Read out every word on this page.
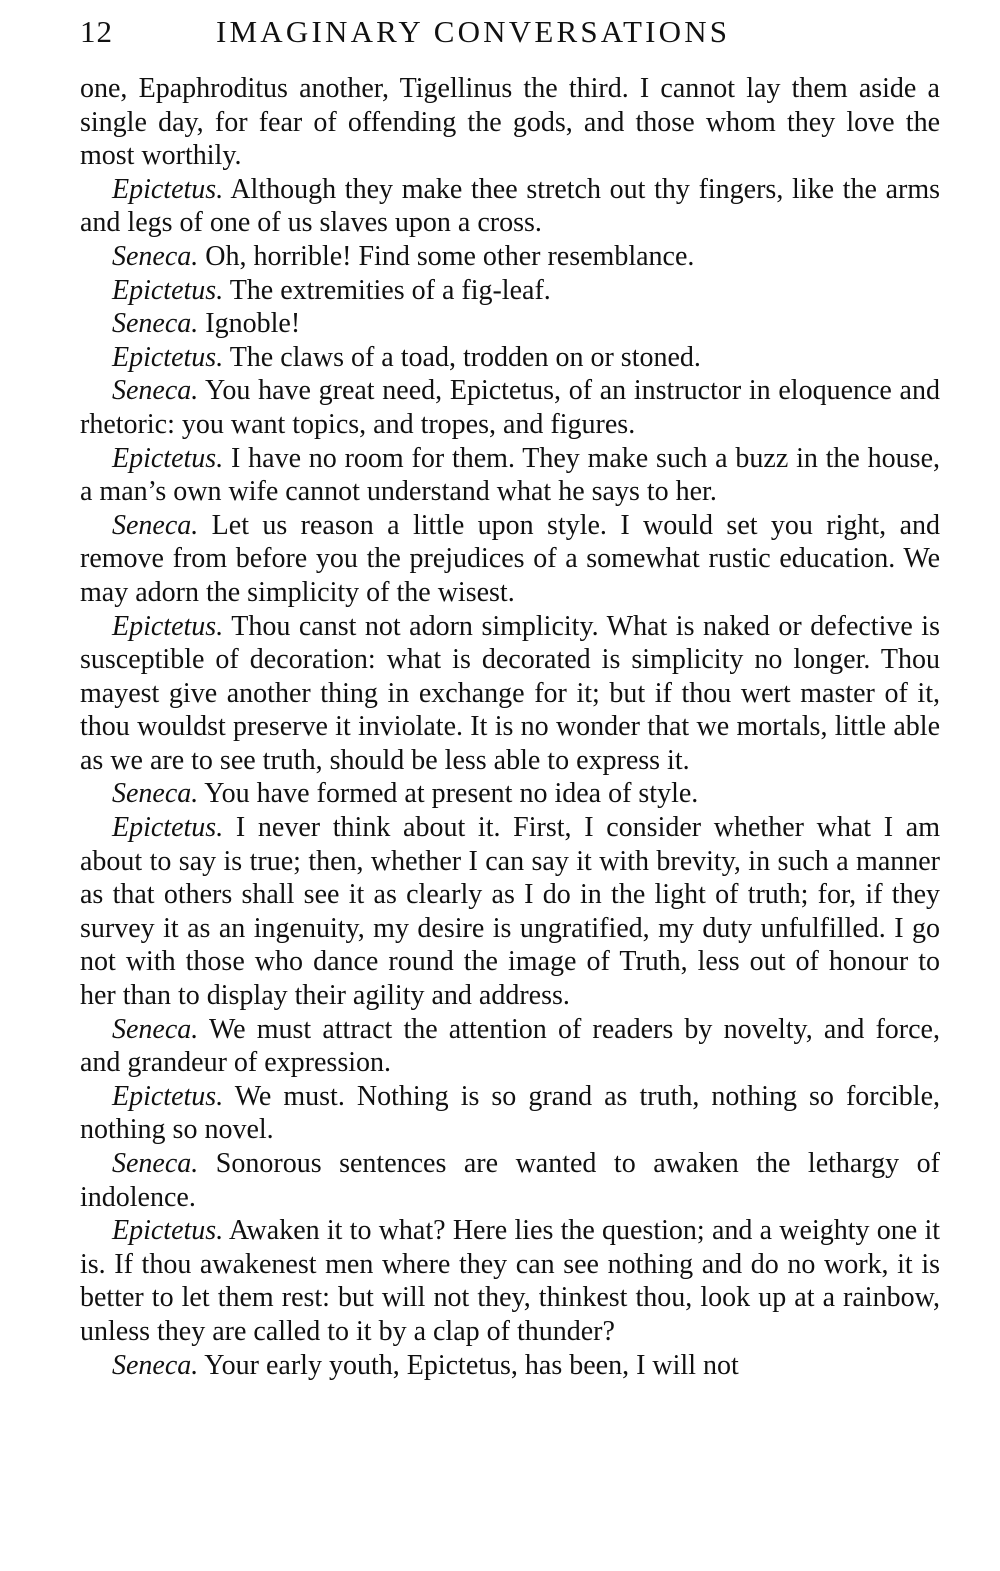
12	IMAGINARY CONVERSATIONS

one, Epaphroditus another, Tigellinus the third. I cannot lay them aside a single day, for fear of offending the gods, and those whom they love the most worthily.

Epictetus. Although they make thee stretch out thy fingers, like the arms and legs of one of us slaves upon a cross.

Seneca. Oh, horrible! Find some other resemblance.

Epictetus. The extremities of a fig-leaf.

Seneca. Ignoble!

Epictetus. The claws of a toad, trodden on or stoned.

Seneca. You have great need, Epictetus, of an instructor in eloquence and rhetoric: you want topics, and tropes, and figures.

Epictetus. I have no room for them. They make such a buzz in the house, a man’s own wife cannot understand what he says to her.

Seneca. Let us reason a little upon style. I would set you right, and remove from before you the prejudices of a somewhat rustic education. We may adorn the simplicity of the wisest.

Epictetus. Thou canst not adorn simplicity. What is naked or defective is susceptible of decoration: what is decorated is simplicity no longer. Thou mayest give another thing in exchange for it; but if thou wert master of it, thou wouldst preserve it inviolate. It is no wonder that we mortals, little able as we are to see truth, should be less able to express it.

Seneca. You have formed at present no idea of style.

Epictetus. I never think about it. First, I consider whether what I am about to say is true; then, whether I can say it with brevity, in such a manner as that others shall see it as clearly as I do in the light of truth; for, if they survey it as an ingenuity, my desire is ungratified, my duty unfulfilled. I go not with those who dance round the image of Truth, less out of honour to her than to display their agility and address.

Seneca. We must attract the attention of readers by novelty, and force, and grandeur of expression.

Epictetus. We must. Nothing is so grand as truth, nothing so forcible, nothing so novel.

Seneca. Sonorous sentences are wanted to awaken the lethargy of indolence.

Epictetus. Awaken it to what? Here lies the question; and a weighty one it is. If thou awakenest men where they can see nothing and do no work, it is better to let them rest: but will not they, thinkest thou, look up at a rainbow, unless they are called to it by a clap of thunder?

Seneca. Your early youth, Epictetus, has been, I will not
